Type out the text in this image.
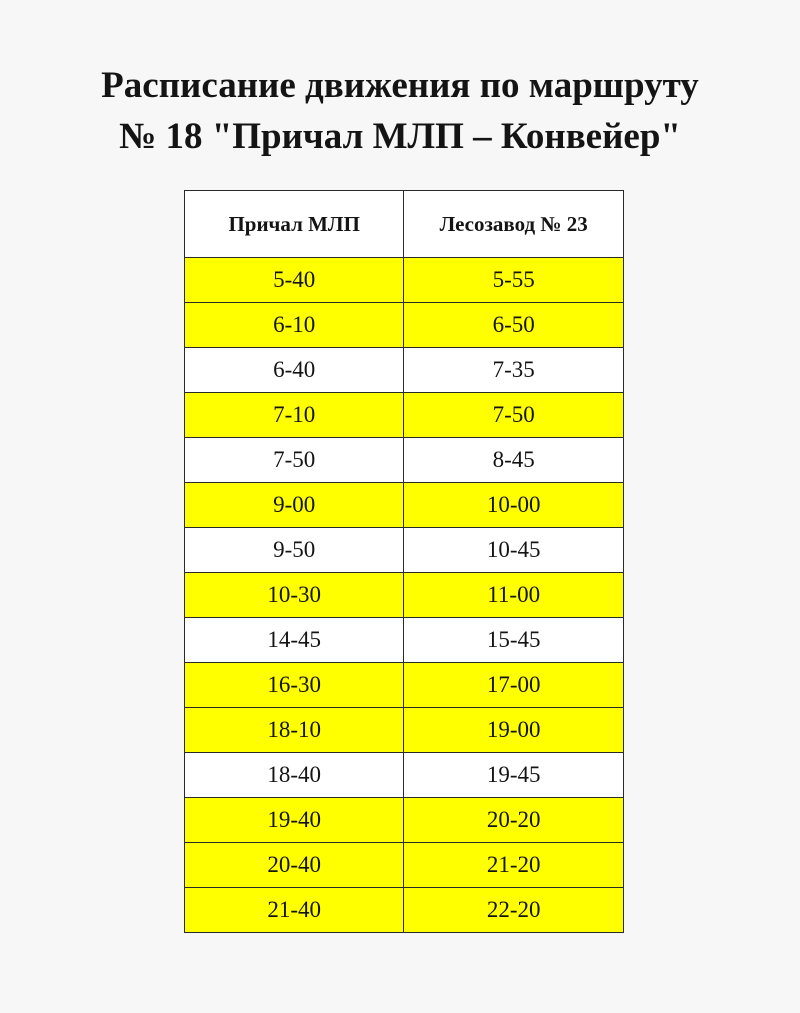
Расписание движения по маршруту
№ 18 "Причал МЛП – Конвейер"
Причал МЛП	Лесозавод № 23
5-40	5-55
6-10	6-50
6-40	7-35
7-10	7-50
7-50	8-45
9-00	10-00
9-50	10-45
10-30	11-00
14-45	15-45
16-30	17-00
18-10	19-00
18-40	19-45
19-40	20-20
20-40	21-20
21-40	22-20
